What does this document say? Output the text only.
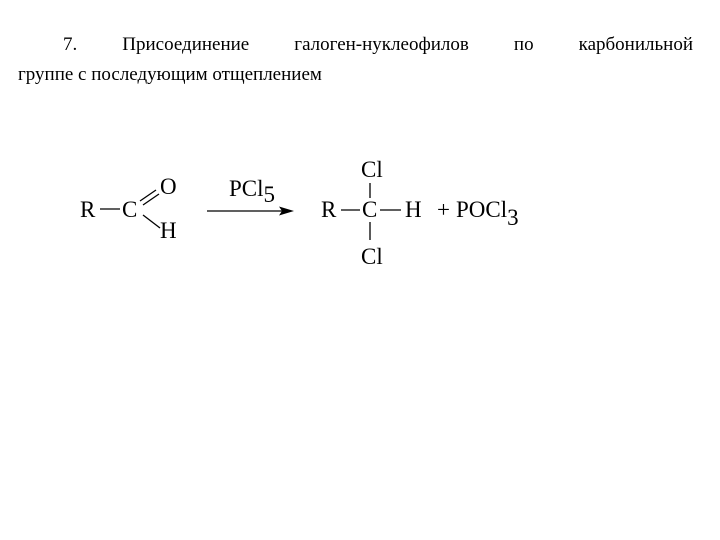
7. Присоединение галоген-нуклеофилов по карбонильной
группе с последующим отщеплением
R C
O
H
PCl5
Cl
R C H
Cl
+ POCl3
